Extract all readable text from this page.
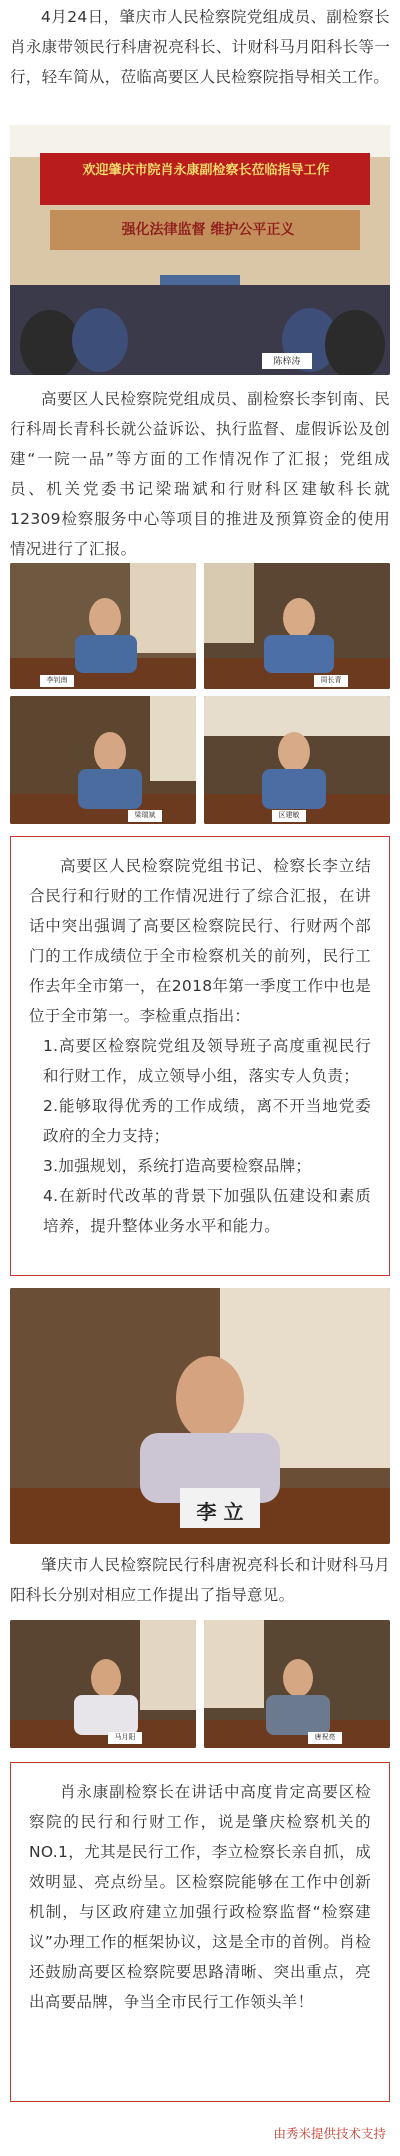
4月24日，肇庆市人民检察院党组成员、副检察长肖永康带领民行科唐祝亮科长、计财科马月阳科长等一行，轻车简从，莅临高要区人民检察院指导相关工作。

欢迎肇庆市院肖永康副检察长莅临指导工作
强化法律监督 维护公平正义
陈梓涛

高要区人民检察院党组成员、副检察长李钊南、民行科周长青科长就公益诉讼、执行监督、虚假诉讼及创建“一院一品”等方面的工作情况作了汇报；党组成员、机关党委书记梁瑞斌和行财科区建敏科长就12309检察服务中心等项目的推进及预算资金的使用情况进行了汇报。

李钊南	周长青
梁瑞斌	区建敏

高要区人民检察院党组书记、检察长李立结合民行和行财的工作情况进行了综合汇报，在讲话中突出强调了高要区检察院民行、行财两个部门的工作成绩位于全市检察机关的前列，民行工作去年全市第一，在2018年第一季度工作中也是位于全市第一。李检重点指出：

1.高要区检察院党组及领导班子高度重视民行和行财工作，成立领导小组，落实专人负责；

2.能够取得优秀的工作成绩，离不开当地党委政府的全力支持；

3.加强规划，系统打造高要检察品牌；

4.在新时代改革的背景下加强队伍建设和素质培养，提升整体业务水平和能力。

李 立

肇庆市人民检察院民行科唐祝亮科长和计财科马月阳科长分别对相应工作提出了指导意见。

马月阳	唐祝亮

肖永康副检察长在讲话中高度肯定高要区检察院的民行和行财工作，说是肇庆检察机关的NO.1，尤其是民行工作，李立检察长亲自抓，成效明显、亮点纷呈。区检察院能够在工作中创新机制，与区政府建立加强行政检察监督“检察建议”办理工作的框架协议，这是全市的首例。肖检还鼓励高要区检察院要思路清晰、突出重点，亮出高要品牌，争当全市民行工作领头羊！

由秀米提供技术支持
